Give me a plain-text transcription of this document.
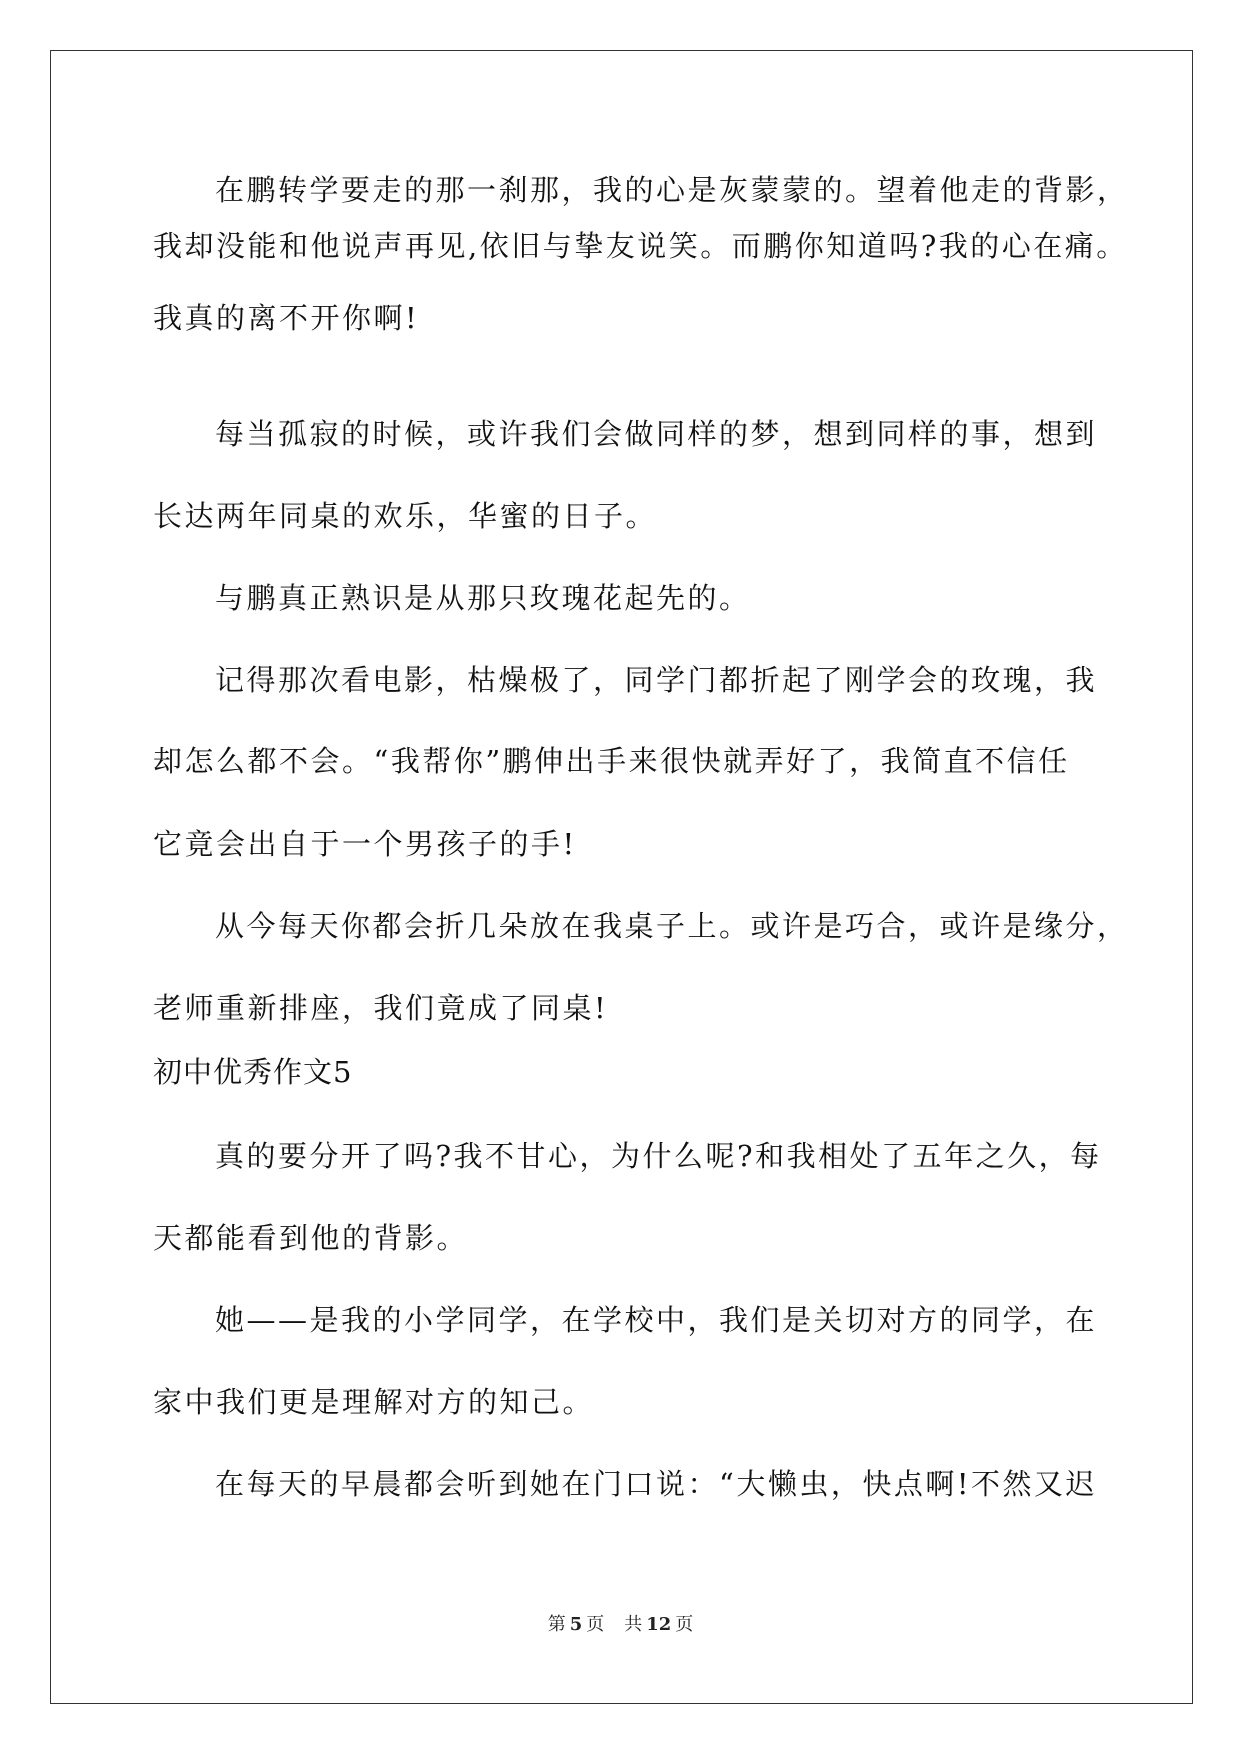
在鹏转学要走的那一刹那，我的心是灰蒙蒙的。望着他走的背影，
我却没能和他说声再见,依旧与挚友说笑。而鹏你知道吗?我的心在痛。
我真的离不开你啊!
每当孤寂的时候，或许我们会做同样的梦，想到同样的事，想到
长达两年同桌的欢乐，华蜜的日子。
与鹏真正熟识是从那只玫瑰花起先的。
记得那次看电影，枯燥极了，同学门都折起了刚学会的玫瑰，我
却怎么都不会。“我帮你”鹏伸出手来很快就弄好了，我简直不信任
它竟会出自于一个男孩子的手!
从今每天你都会折几朵放在我桌子上。或许是巧合，或许是缘分，
老师重新排座，我们竟成了同桌!
初中优秀作文5
真的要分开了吗?我不甘心，为什么呢?和我相处了五年之久，每
天都能看到他的背影。
她——是我的小学同学，在学校中，我们是关切对方的同学，在
家中我们更是理解对方的知己。
在每天的早晨都会听到她在门口说：“大懒虫，快点啊!不然又迟
第 5 页 共 12 页
